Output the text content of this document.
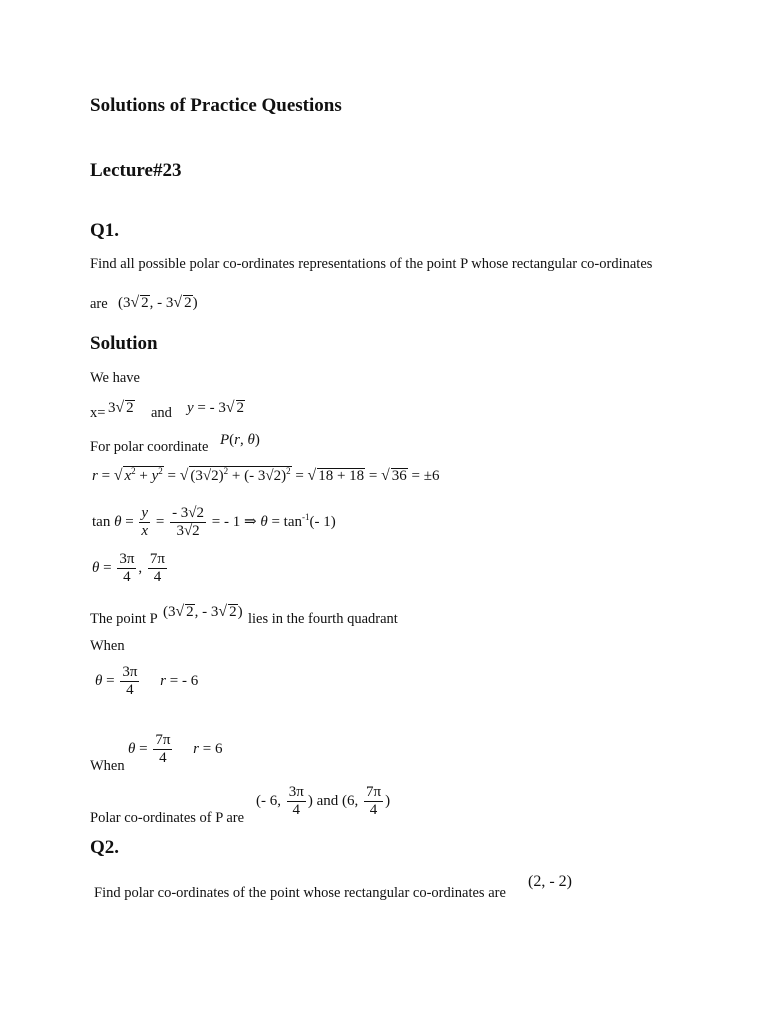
Solutions of Practice Questions
Lecture#23
Q1.

Find all possible polar co-ordinates representations of the point P whose rectangular co-ordinates

are (3√ 2, - 3√ 2)
Solution

We have

x= 3√ 2 and y = - 3√ 2

For polar coordinate P(r, θ)
r = √ $x^2 + y^2$ = √ $(3√2)^2$ + (- 3√2)$^2$ = √ 18 + 18 = √ 36 = ±6
$\tan \theta = \frac{y}{x} = \frac{- 3√2}{3√2}$ = - 1 ⇒ $\theta = \tan^{-1}(-$ 1)
$\theta = \frac{3\pi}{4}$ , $\frac{7\pi}{4}$

The point P (3√ 2, - 3√ 2) lies in the fourth quadrant

When

$\theta = \frac{3\pi}{4}$ r = - 6

When

$\theta = \frac{7\pi}{4}$ r = 6

Polar co-ordinates of P are

(- 6, $\frac{3\pi}{4}$ ) and (6, $\frac{7\pi}{4}$ )
Q2.

Find polar co-ordinates of the point whose rectangular co-ordinates are

(2, - 2)
